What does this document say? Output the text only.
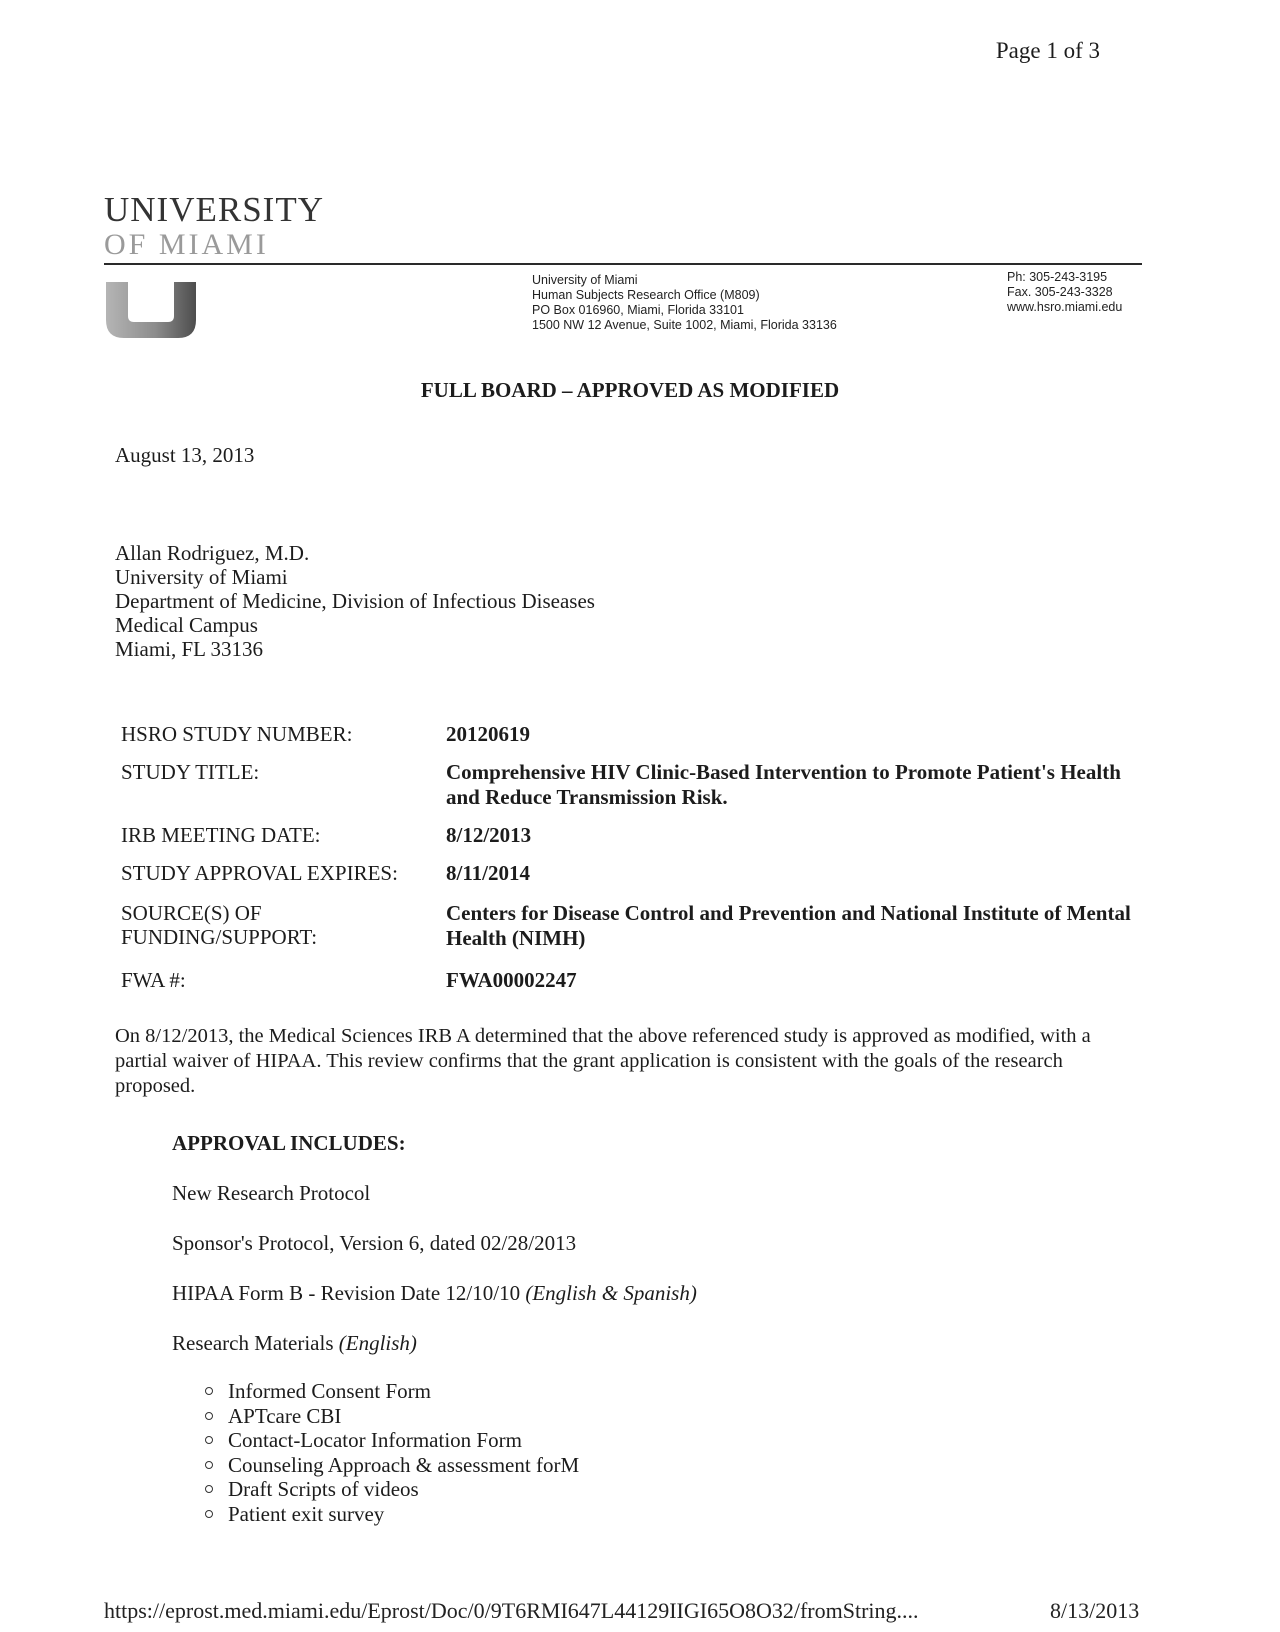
Page 1 of 3
UNIVERSITY
OF MIAMI
University of Miami
Human Subjects Research Office (M809)
PO Box 016960, Miami, Florida 33101
1500 NW 12 Avenue, Suite 1002, Miami, Florida 33136
Ph: 305-243-3195
Fax. 305-243-3328
www.hsro.miami.edu
FULL BOARD – APPROVED AS MODIFIED
August 13, 2013
Allan Rodriguez, M.D.
University of Miami
Department of Medicine, Division of Infectious Diseases
Medical Campus
Miami, FL 33136
HSRO STUDY NUMBER:	20120619
STUDY TITLE:	Comprehensive HIV Clinic-Based Intervention to Promote Patient's Health and Reduce Transmission Risk.
IRB MEETING DATE:	8/12/2013
STUDY APPROVAL EXPIRES:	8/11/2014
SOURCE(S) OF FUNDING/SUPPORT:
Centers for Disease Control and Prevention and National Institute of Mental Health (NIMH)
FWA #:	FWA00002247
On 8/12/2013, the Medical Sciences IRB A determined that the above referenced study is approved as modified, with a partial waiver of HIPAA. This review confirms that the grant application is consistent with the goals of the research proposed.
APPROVAL INCLUDES:
New Research Protocol
Sponsor's Protocol, Version 6, dated 02/28/2013
HIPAA Form B - Revision Date 12/10/10 (English & Spanish)
Research Materials (English)
Informed Consent Form
APTcare CBI
Contact-Locator Information Form
Counseling Approach & assessment forM
Draft Scripts of videos
Patient exit survey
https://eprost.med.miami.edu/Eprost/Doc/0/9T6RMI647L44129IIGI65O8O32/fromString....	8/13/2013
